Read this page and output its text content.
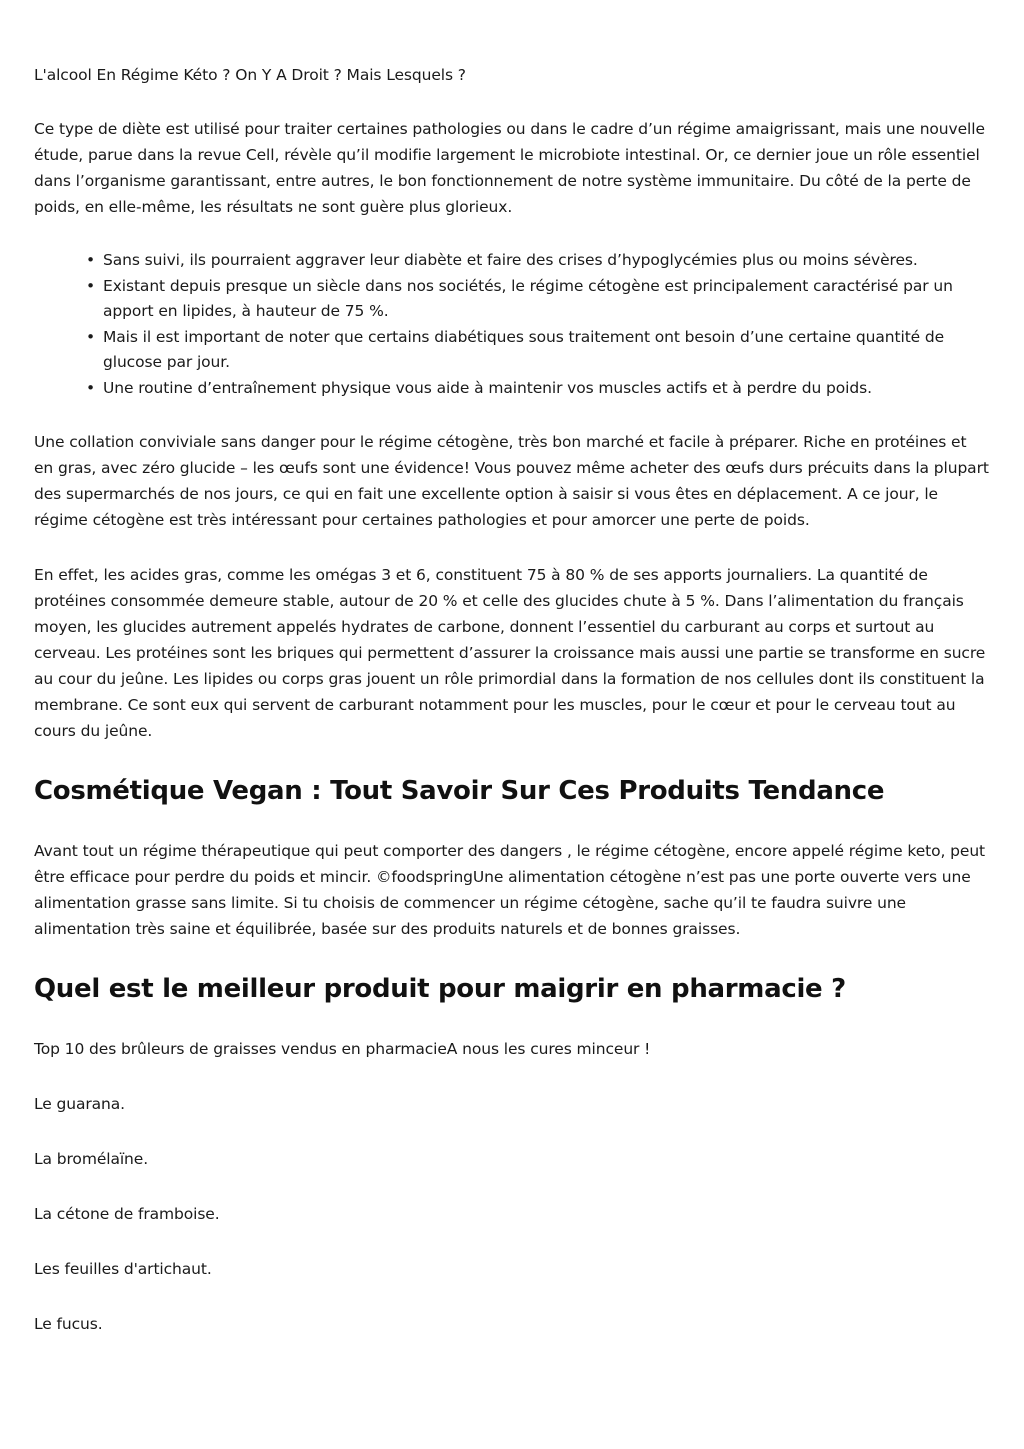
L'alcool En Régime Kéto ? On Y A Droit ? Mais Lesquels ?

Ce type de diète est utilisé pour traiter certaines pathologies ou dans le cadre d’un régime amaigrissant, mais une nouvelle étude, parue dans la revue Cell, révèle qu’il modifie largement le microbiote intestinal. Or, ce dernier joue un rôle essentiel dans l’organisme garantissant, entre autres, le bon fonctionnement de notre système immunitaire. Du côté de la perte de poids, en elle-même, les résultats ne sont guère plus glorieux.

• Sans suivi, ils pourraient aggraver leur diabète et faire des crises d’hypoglycémies plus ou moins sévères.
• Existant depuis presque un siècle dans nos sociétés, le régime cétogène est principalement caractérisé par un apport en lipides, à hauteur de 75 %.
• Mais il est important de noter que certains diabétiques sous traitement ont besoin d’une certaine quantité de glucose par jour.
• Une routine d’entraînement physique vous aide à maintenir vos muscles actifs et à perdre du poids.

Une collation conviviale sans danger pour le régime cétogène, très bon marché et facile à préparer. Riche en protéines et en gras, avec zéro glucide – les œufs sont une évidence! Vous pouvez même acheter des œufs durs précuits dans la plupart des supermarchés de nos jours, ce qui en fait une excellente option à saisir si vous êtes en déplacement. A ce jour, le régime cétogène est très intéressant pour certaines pathologies et pour amorcer une perte de poids.

En effet, les acides gras, comme les omégas 3 et 6, constituent 75 à 80 % de ses apports journaliers. La quantité de protéines consommée demeure stable, autour de 20 % et celle des glucides chute à 5 %. Dans l’alimentation du français moyen, les glucides autrement appelés hydrates de carbone, donnent l’essentiel du carburant au corps et surtout au cerveau. Les protéines sont les briques qui permettent d’assurer la croissance mais aussi une partie se transforme en sucre au cour du jeûne. Les lipides ou corps gras jouent un rôle primordial dans la formation de nos cellules dont ils constituent la membrane. Ce sont eux qui servent de carburant notamment pour les muscles, pour le cœur et pour le cerveau tout au cours du jeûne.

Cosmétique Vegan : Tout Savoir Sur Ces Produits Tendance

Avant tout un régime thérapeutique qui peut comporter des dangers , le régime cétogène, encore appelé régime keto, peut être efficace pour perdre du poids et mincir. ©foodspringUne alimentation cétogène n’est pas une porte ouverte vers une alimentation grasse sans limite. Si tu choisis de commencer un régime cétogène, sache qu’il te faudra suivre une alimentation très saine et équilibrée, basée sur des produits naturels et de bonnes graisses.

Quel est le meilleur produit pour maigrir en pharmacie ?

Top 10 des brûleurs de graisses vendus en pharmacieA nous les cures minceur !

Le guarana.

La bromélaïne.

La cétone de framboise.

Les feuilles d'artichaut.

Le fucus.
